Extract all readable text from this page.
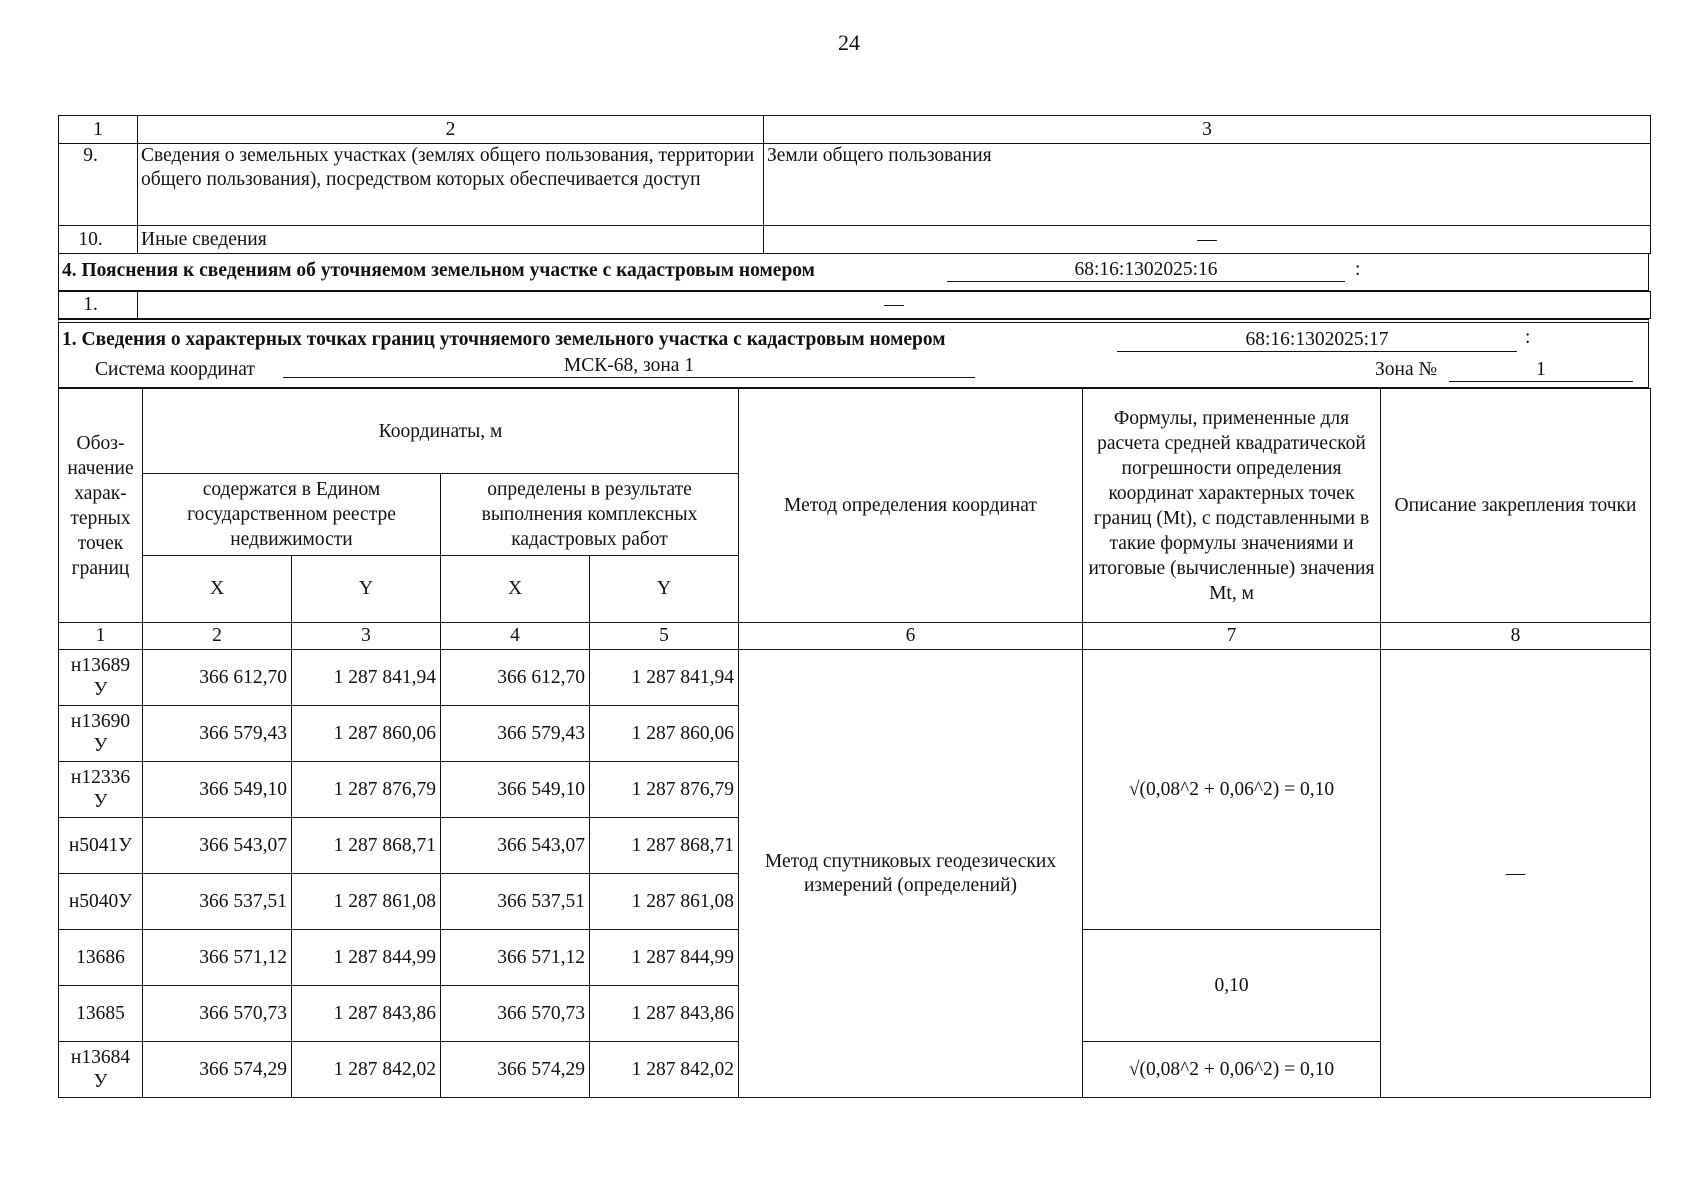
24
1	2	3
9.	Сведения о земельных участках (землях общего пользования, территории общего пользования), посредством которых обеспечивается доступ	Земли общего пользования
10.	Иные сведения	—
4. Пояснения к сведениям об уточняемом земельном участке с кадастровым номером	68:16:1302025:16	:
1.	—
1. Сведения о характерных точках границ уточняемого земельного участка с кадастровым номером	68:16:1302025:17	:
Система координат	МСК-68, зона 1	Зона №	1
Обоз-начение харак-терных точек границ	Координаты, м				Метод определения координат	Формулы, примененные для расчета средней квадратической погрешности определения координат характерных точек границ (Mt), с подставленными в такие формулы значениями и итоговые (вычисленные) значения Mt, м	Описание закрепления точки
	содержатся в Едином государственном реестре недвижимости		определены в результате выполнения комплексных кадастровых работ				
	X	Y	X	Y			
1	2	3	4	5	6	7	8
н13689 У	366 612,70	1 287 841,94	366 612,70	1 287 841,94	Метод спутниковых геодезических измерений (определений)	√(0,08^2 + 0,06^2) = 0,10	—
н13690 У	366 579,43	1 287 860,06	366 579,43	1 287 860,06			
н12336 У	366 549,10	1 287 876,79	366 549,10	1 287 876,79			
н5041У	366 543,07	1 287 868,71	366 543,07	1 287 868,71			
н5040У	366 537,51	1 287 861,08	366 537,51	1 287 861,08			
13686	366 571,12	1 287 844,99	366 571,12	1 287 844,99		0,10	
13685	366 570,73	1 287 843,86	366 570,73	1 287 843,86			
н13684 У	366 574,29	1 287 842,02	366 574,29	1 287 842,02		√(0,08^2 + 0,06^2) = 0,10	
